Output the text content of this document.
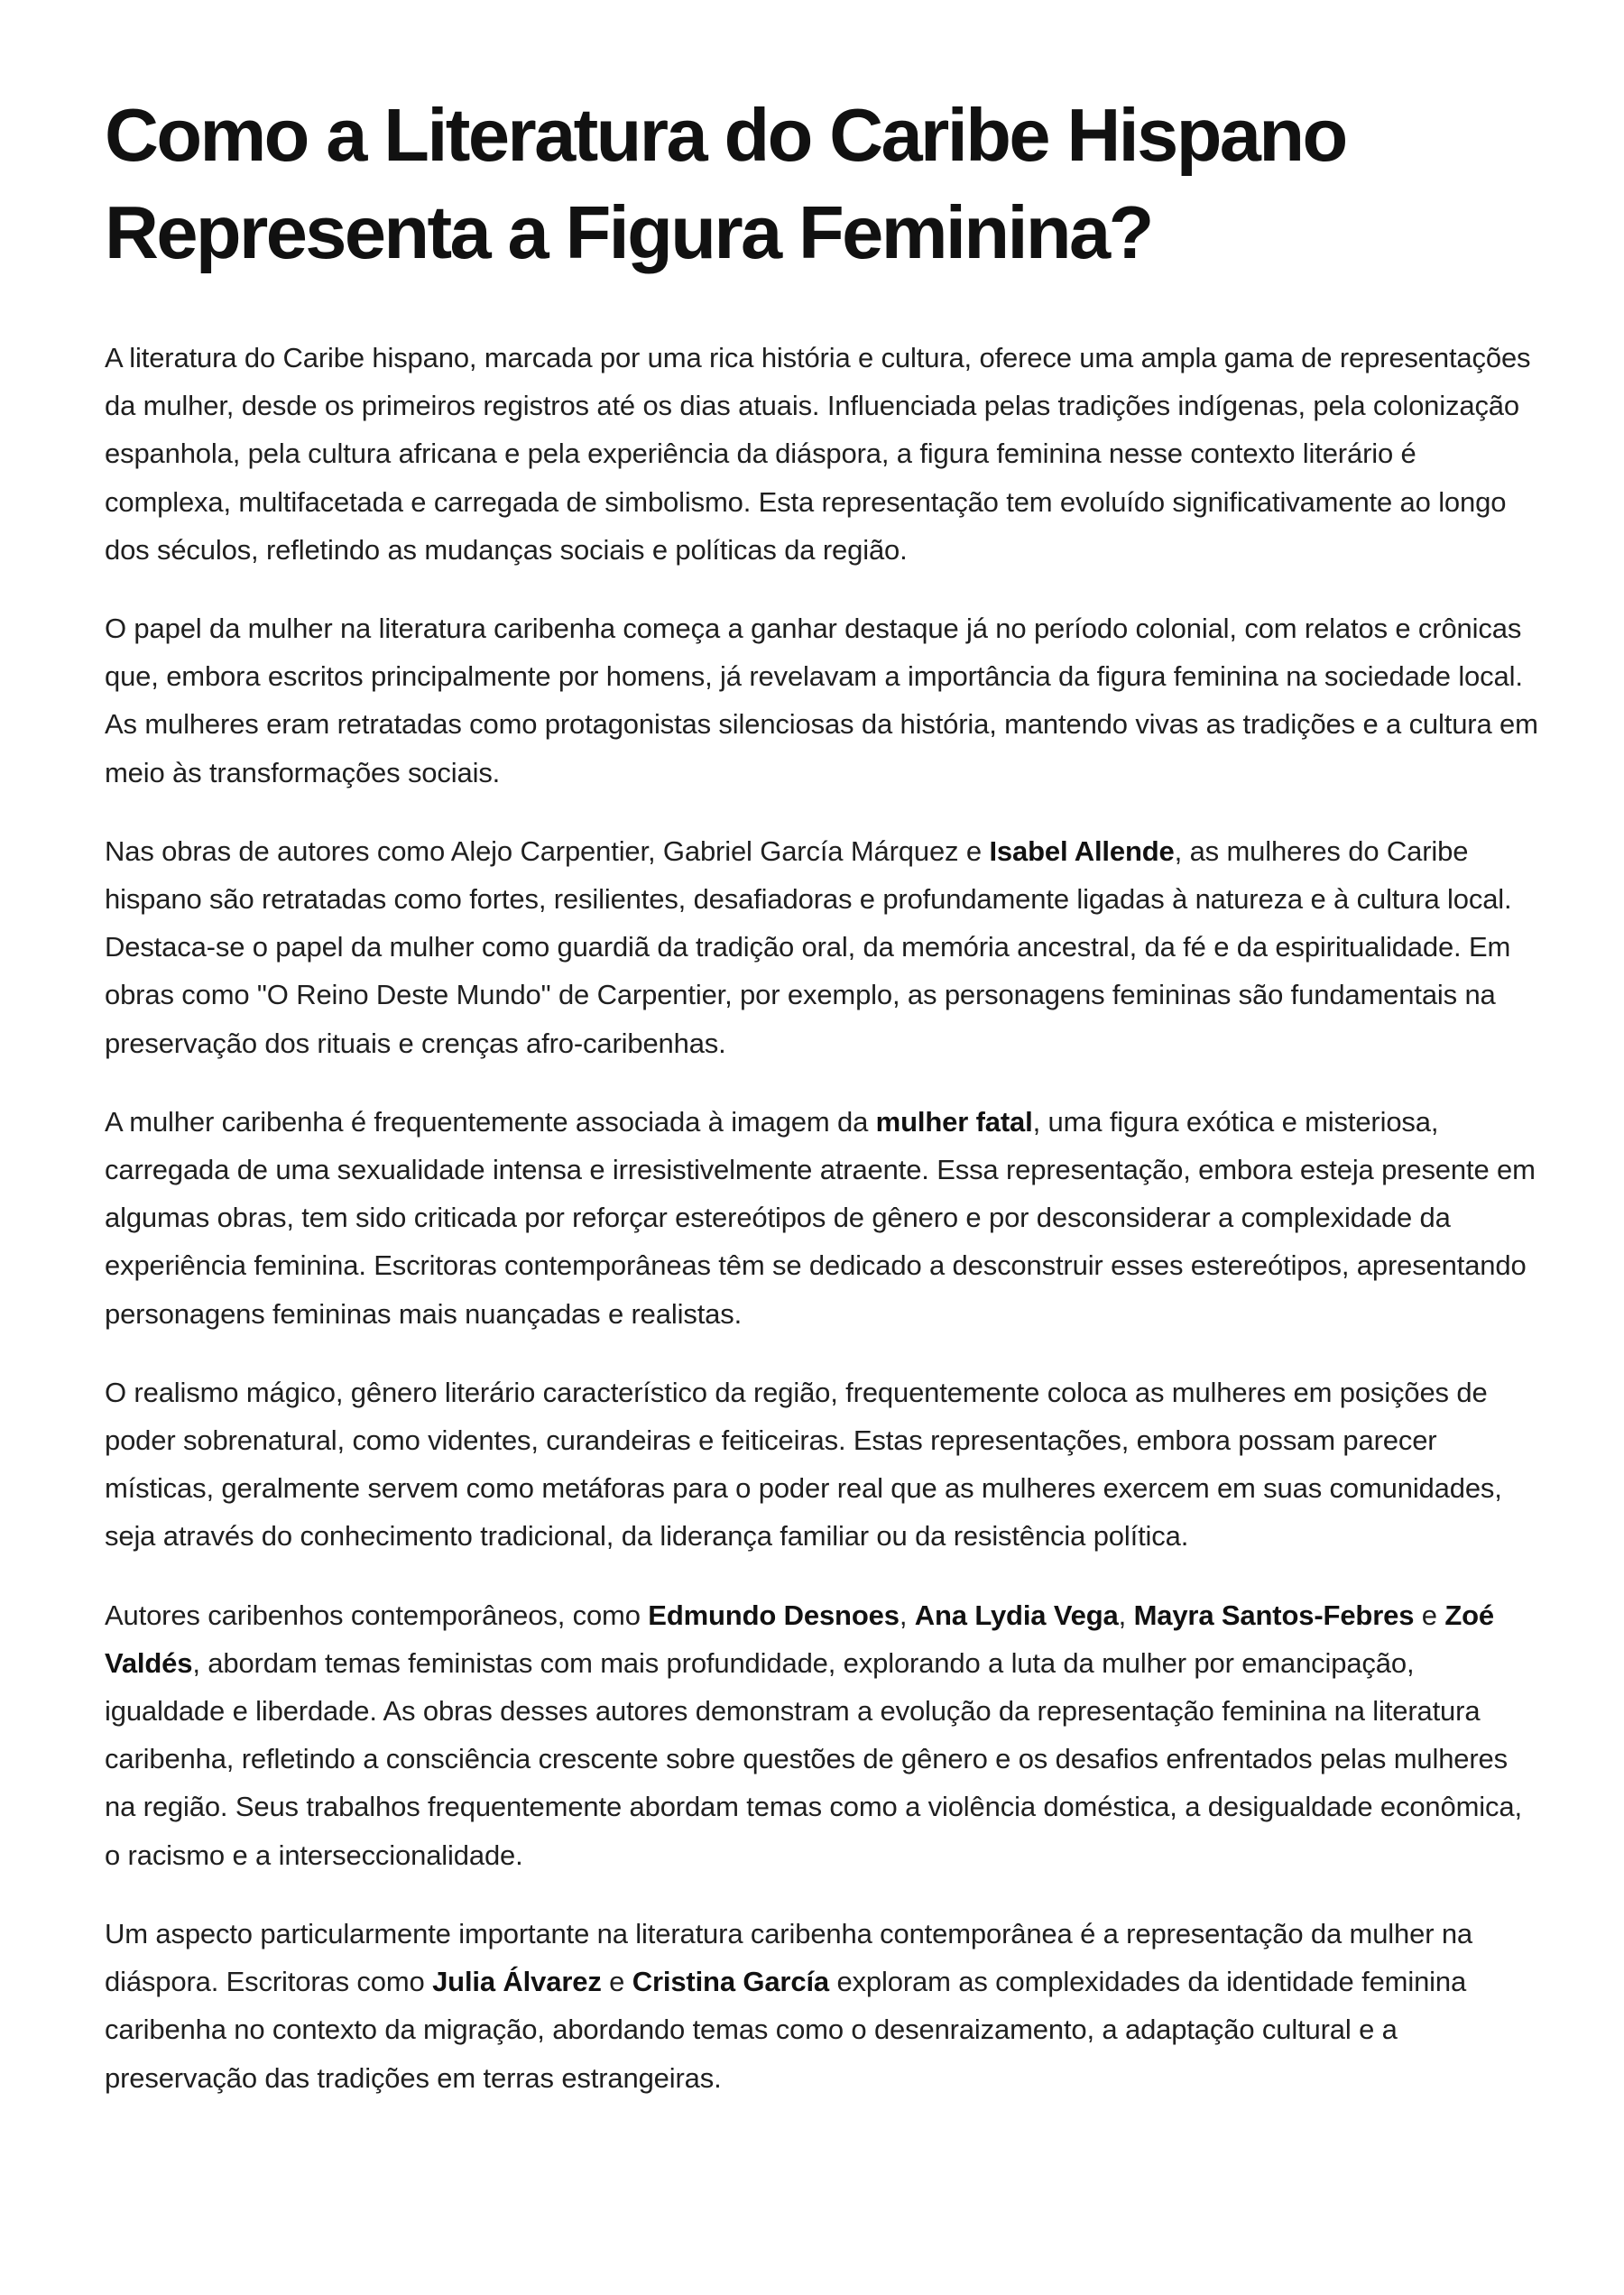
Como a Literatura do Caribe Hispano Representa a Figura Feminina?

A literatura do Caribe hispano, marcada por uma rica história e cultura, oferece uma ampla gama de representações da mulher, desde os primeiros registros até os dias atuais. Influenciada pelas tradições indígenas, pela colonização espanhola, pela cultura africana e pela experiência da diáspora, a figura feminina nesse contexto literário é complexa, multifacetada e carregada de simbolismo. Esta representação tem evoluído significativamente ao longo dos séculos, refletindo as mudanças sociais e políticas da região.

O papel da mulher na literatura caribenha começa a ganhar destaque já no período colonial, com relatos e crônicas que, embora escritos principalmente por homens, já revelavam a importância da figura feminina na sociedade local. As mulheres eram retratadas como protagonistas silenciosas da história, mantendo vivas as tradições e a cultura em meio às transformações sociais.

Nas obras de autores como Alejo Carpentier, Gabriel García Márquez e Isabel Allende, as mulheres do Caribe hispano são retratadas como fortes, resilientes, desafiadoras e profundamente ligadas à natureza e à cultura local. Destaca-se o papel da mulher como guardiã da tradição oral, da memória ancestral, da fé e da espiritualidade. Em obras como "O Reino Deste Mundo" de Carpentier, por exemplo, as personagens femininas são fundamentais na preservação dos rituais e crenças afro-caribenhas.

A mulher caribenha é frequentemente associada à imagem da mulher fatal, uma figura exótica e misteriosa, carregada de uma sexualidade intensa e irresistivelmente atraente. Essa representação, embora esteja presente em algumas obras, tem sido criticada por reforçar estereótipos de gênero e por desconsiderar a complexidade da experiência feminina. Escritoras contemporâneas têm se dedicado a desconstruir esses estereótipos, apresentando personagens femininas mais nuançadas e realistas.

O realismo mágico, gênero literário característico da região, frequentemente coloca as mulheres em posições de poder sobrenatural, como videntes, curandeiras e feiticeiras. Estas representações, embora possam parecer místicas, geralmente servem como metáforas para o poder real que as mulheres exercem em suas comunidades, seja através do conhecimento tradicional, da liderança familiar ou da resistência política.

Autores caribenhos contemporâneos, como Edmundo Desnoes, Ana Lydia Vega, Mayra Santos-Febres e Zoé Valdés, abordam temas feministas com mais profundidade, explorando a luta da mulher por emancipação, igualdade e liberdade. As obras desses autores demonstram a evolução da representação feminina na literatura caribenha, refletindo a consciência crescente sobre questões de gênero e os desafios enfrentados pelas mulheres na região. Seus trabalhos frequentemente abordam temas como a violência doméstica, a desigualdade econômica, o racismo e a interseccionalidade.

Um aspecto particularmente importante na literatura caribenha contemporânea é a representação da mulher na diáspora. Escritoras como Julia Álvarez e Cristina García exploram as complexidades da identidade feminina caribenha no contexto da migração, abordando temas como o desenraizamento, a adaptação cultural e a preservação das tradições em terras estrangeiras.
